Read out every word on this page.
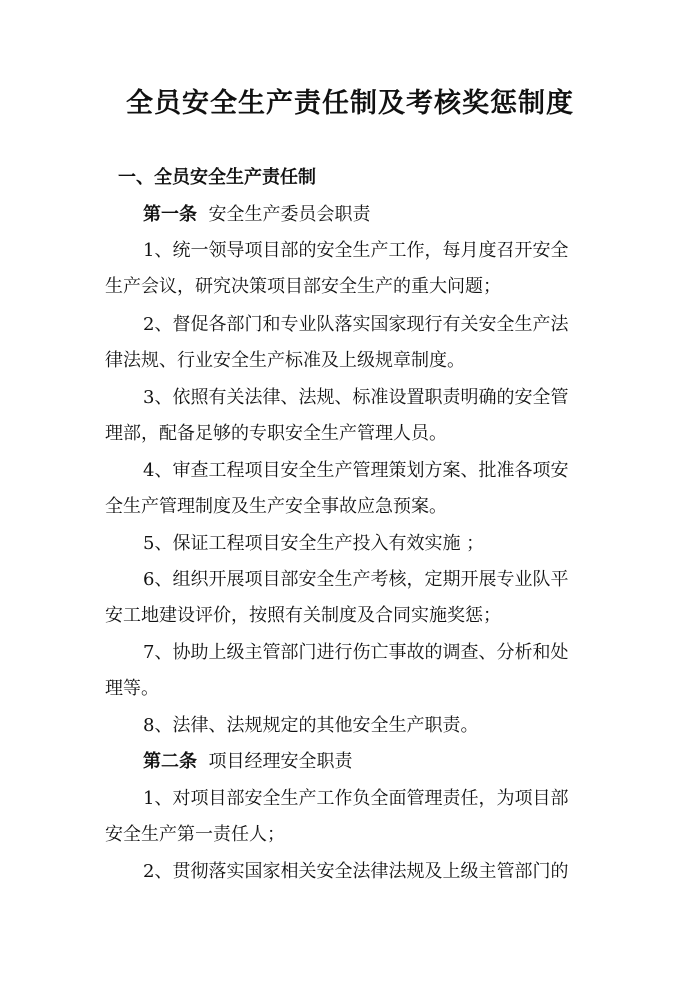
全员安全生产责任制及考核奖惩制度
一、全员安全生产责任制
第一条 安全生产委员会职责
1、统一领导项目部的安全生产工作，每月度召开安全
生产会议，研究决策项目部安全生产的重大问题；
2、督促各部门和专业队落实国家现行有关安全生产法
律法规、行业安全生产标准及上级规章制度。
3、依照有关法律、法规、标准设置职责明确的安全管
理部，配备足够的专职安全生产管理人员。
4、审查工程项目安全生产管理策划方案、批准各项安
全生产管理制度及生产安全事故应急预案。
5、保证工程项目安全生产投入有效实施 ；
6、组织开展项目部安全生产考核，定期开展专业队平
安工地建设评价，按照有关制度及合同实施奖惩；
7、协助上级主管部门进行伤亡事故的调查、分析和处
理等。
8、法律、法规规定的其他安全生产职责。
第二条 项目经理安全职责
1、对项目部安全生产工作负全面管理责任，为项目部
安全生产第一责任人；
2、贯彻落实国家相关安全法律法规及上级主管部门的
